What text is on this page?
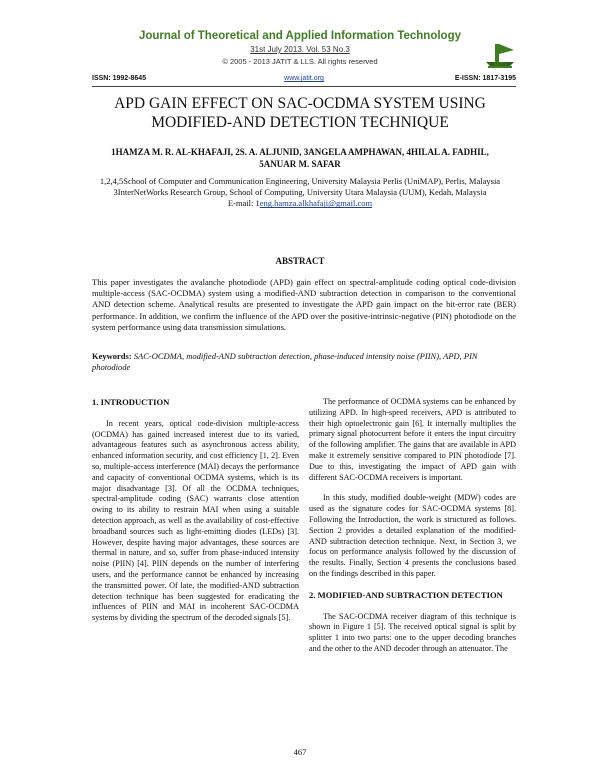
Journal of Theoretical and Applied Information Technology
31st July 2013. Vol. 53 No.3
© 2005 - 2013 JATIT & LLS. All rights reserved	JATIT
ISSN: 1992-8645	www.jatit.org	E-ISSN: 1817-3195
APD GAIN EFFECT ON SAC-OCDMA SYSTEM USING MODIFIED-AND DETECTION TECHNIQUE
1HAMZA M. R. AL-KHAFAJI, 2S. A. ALJUNID, 3ANGELA AMPHAWAN, 4HILAL A. FADHIL,
5ANUAR M. SAFAR
1,2,4,5School of Computer and Communication Engineering, University Malaysia Perlis (UniMAP), Perlis, Malaysia
3InterNetWorks Research Group, School of Computing, University Utara Malaysia (UUM), Kedah, Malaysia
E-mail: 1eng.hamza.alkhafaji@gmail.com
ABSTRACT
This paper investigates the avalanche photodiode (APD) gain effect on spectral-amplitude coding optical code-division multiple-access (SAC-OCDMA) system using a modified-AND subtraction detection in comparison to the conventional AND detection scheme. Analytical results are presented to investigate the APD gain impact on the bit-error rate (BER) performance. In addition, we confirm the influence of the APD over the positive-intrinsic-negative (PIN) photodiode on the system performance using data transmission simulations.
Keywords: SAC-OCDMA, modified-AND subtraction detection, phase-induced intensity noise (PIIN), APD, PIN photodiode

1. INTRODUCTION

In recent years, optical code-division multiple-access (OCDMA) has gained increased interest due to its varied, advantageous features such as asynchronous access ability, enhanced information security, and cost efficiency [1, 2]. Even so, multiple-access interference (MAI) decays the performance and capacity of conventional OCDMA systems, which is its major disadvantage [3]. Of all the OCDMA techniques, spectral-amplitude coding (SAC) warrants close attention owing to its ability to restrain MAI when using a suitable detection approach, as well as the availability of cost-effective broadband sources such as light-emitting diodes (LEDs) [3]. However, despite having major advantages, these sources are thermal in nature, and so, suffer from phase-induced intensity noise (PIIN) [4]. PIIN depends on the number of interfering users, and the performance cannot be enhanced by increasing the transmitted power. Of late, the modified-AND subtraction detection technique has been suggested for eradicating the influences of PIIN and MAI in incoherent SAC-OCDMA systems by dividing the spectrum of the decoded signals [5].

The performance of OCDMA systems can be enhanced by utilizing APD. In high-speed receivers, APD is attributed to their high optoelectronic gain [6]. It internally multiplies the primary signal photocurrent before it enters the input circuitry of the following amplifier. The gains that are available in APD make it extremely sensitive compared to PIN photodiode [7]. Due to this, investigating the impact of APD gain with different SAC-OCDMA receivers is important.

In this study, modified double-weight (MDW) codes are used as the signature codes for SAC-OCDMA systems [8]. Following the Introduction, the work is structured as follows. Section 2 provides a detailed explanation of the modified-AND subtraction detection technique. Next, in Section 3, we focus on performance analysis followed by the discussion of the results. Finally, Section 4 presents the conclusions based on the findings described in this paper.

2. MODIFIED-AND SUBTRACTION DETECTION

The SAC-OCDMA receiver diagram of this technique is shown in Figure 1 [5]. The received optical signal is split by splitter 1 into two parts: one to the upper decoding branches and the other to the AND decoder through an attenuator. The

467
